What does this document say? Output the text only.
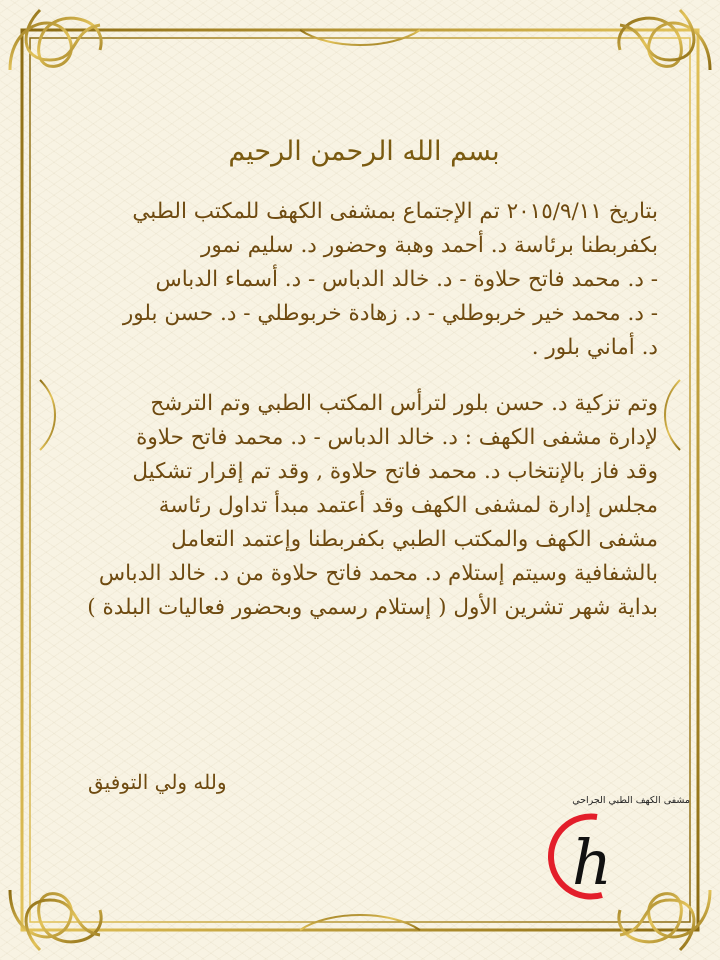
بسم الله الرحمن الرحيم
بتاريخ ٢٠١٥/٩/١١ تم الإجتماع بمشفى الكهف للمكتب الطبي
بكفربطنا برئاسة د. أحمد وهبة وحضور د. سليم نمور
- د. محمد فاتح حلاوة - د. خالد الدباس - د. أسماء الدباس
- د. محمد خير خربوطلي - د. زهادة خربوطلي - د. حسن بلور
د. أماني بلور .
وتم تزكية د. حسن بلور لترأس المكتب الطبي وتم الترشح
لإدارة مشفى الكهف : د. خالد الدباس - د. محمد فاتح حلاوة
وقد فاز بالإنتخاب د. محمد فاتح حلاوة , وقد تم إقرار تشكيل
مجلس إدارة لمشفى الكهف وقد أعتمد مبدأ تداول رئاسة
مشفى الكهف والمكتب الطبي بكفربطنا وإعتمد التعامل
بالشفافية وسيتم إستلام د. محمد فاتح حلاوة من د. خالد الدباس
بداية شهر تشرين الأول ( إستلام رسمي وبحضور فعاليات البلدة )
ولله ولي التوفيق
مشفى الكهف الطبي الجراحي
h
